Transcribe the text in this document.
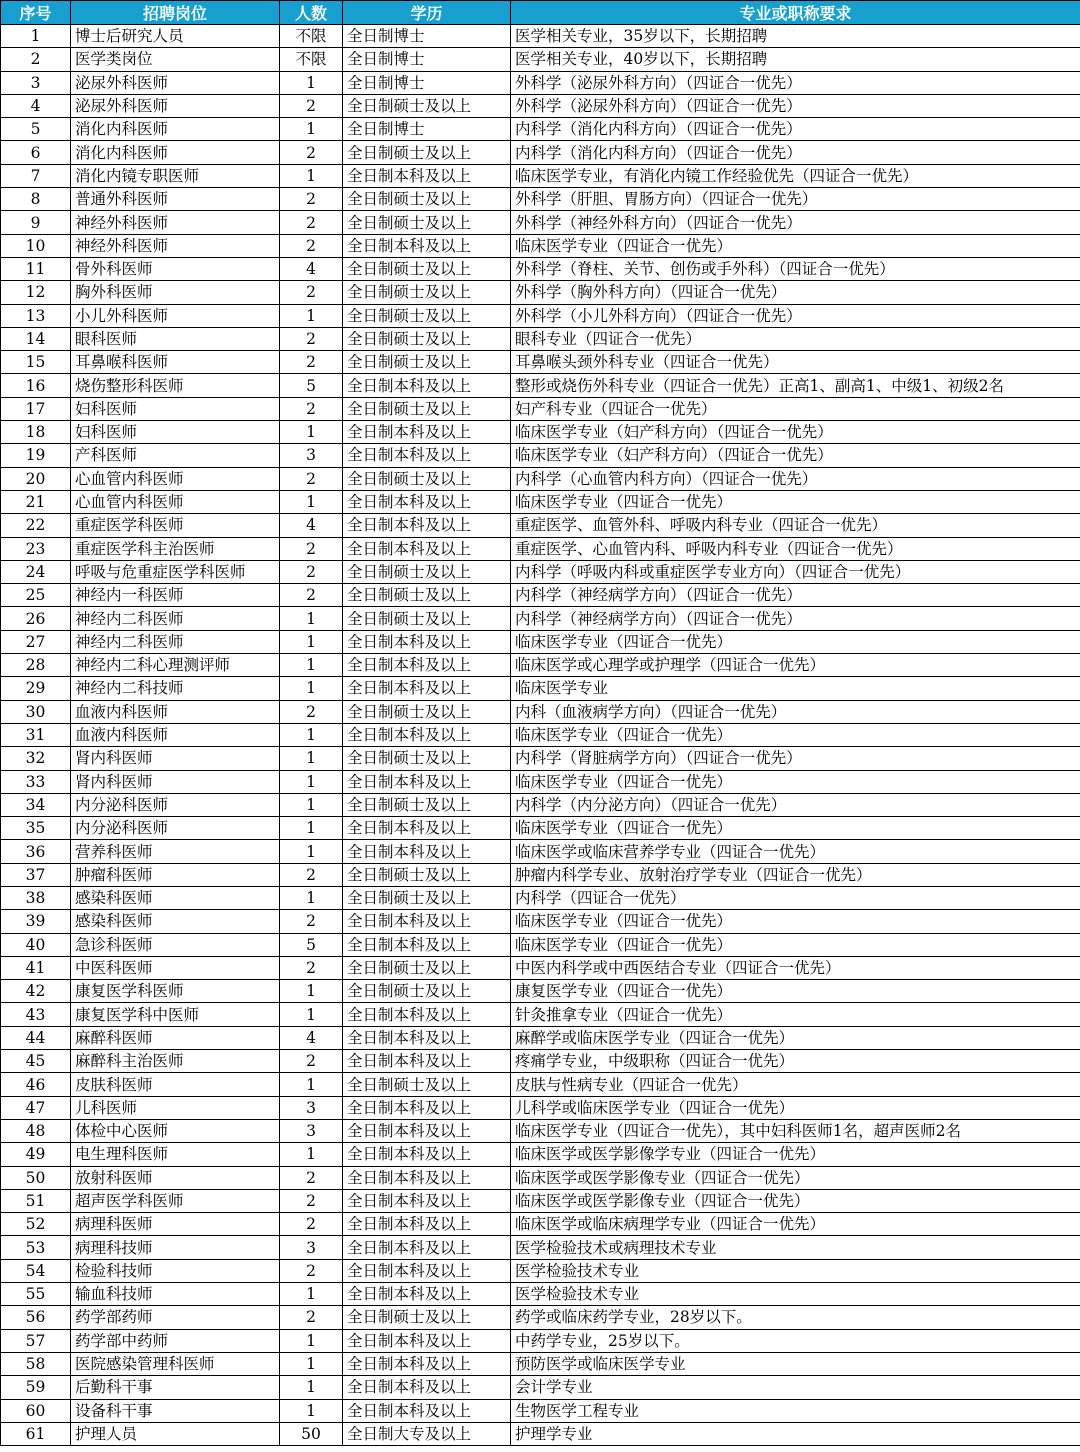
序号	招聘岗位	人数	学历	专业或职称要求
1	博士后研究人员	不限	全日制博士	医学相关专业，35岁以下，长期招聘
2	医学类岗位	不限	全日制博士	医学相关专业，40岁以下，长期招聘
3	泌尿外科医师	1	全日制博士	外科学（泌尿外科方向）（四证合一优先）
4	泌尿外科医师	2	全日制硕士及以上	外科学（泌尿外科方向）（四证合一优先）
5	消化内科医师	1	全日制博士	内科学（消化内科方向）（四证合一优先）
6	消化内科医师	2	全日制硕士及以上	内科学（消化内科方向）（四证合一优先）
7	消化内镜专职医师	1	全日制本科及以上	临床医学专业，有消化内镜工作经验优先（四证合一优先）
8	普通外科医师	2	全日制硕士及以上	外科学（肝胆、胃肠方向）（四证合一优先）
9	神经外科医师	2	全日制硕士及以上	外科学（神经外科方向）（四证合一优先）
10	神经外科医师	2	全日制本科及以上	临床医学专业（四证合一优先）
11	骨外科医师	4	全日制硕士及以上	外科学（脊柱、关节、创伤或手外科）（四证合一优先）
12	胸外科医师	2	全日制硕士及以上	外科学（胸外科方向）（四证合一优先）
13	小儿外科医师	1	全日制硕士及以上	外科学（小儿外科方向）（四证合一优先）
14	眼科医师	2	全日制硕士及以上	眼科专业（四证合一优先）
15	耳鼻喉科医师	2	全日制硕士及以上	耳鼻喉头颈外科专业（四证合一优先）
16	烧伤整形科医师	5	全日制本科及以上	整形或烧伤外科专业（四证合一优先）正高1、副高1、中级1、初级2名
17	妇科医师	2	全日制硕士及以上	妇产科专业（四证合一优先）
18	妇科医师	1	全日制本科及以上	临床医学专业（妇产科方向）（四证合一优先）
19	产科医师	3	全日制本科及以上	临床医学专业（妇产科方向）（四证合一优先）
20	心血管内科医师	2	全日制硕士及以上	内科学（心血管内科方向）（四证合一优先）
21	心血管内科医师	1	全日制本科及以上	临床医学专业（四证合一优先）
22	重症医学科医师	4	全日制本科及以上	重症医学、血管外科、呼吸内科专业（四证合一优先）
23	重症医学科主治医师	2	全日制本科及以上	重症医学、心血管内科、呼吸内科专业（四证合一优先）
24	呼吸与危重症医学科医师	2	全日制硕士及以上	内科学（呼吸内科或重症医学专业方向）（四证合一优先）
25	神经内一科医师	2	全日制硕士及以上	内科学（神经病学方向）（四证合一优先）
26	神经内二科医师	1	全日制硕士及以上	内科学（神经病学方向）（四证合一优先）
27	神经内二科医师	1	全日制本科及以上	临床医学专业（四证合一优先）
28	神经内二科心理测评师	1	全日制本科及以上	临床医学或心理学或护理学（四证合一优先）
29	神经内二科技师	1	全日制本科及以上	临床医学专业
30	血液内科医师	2	全日制硕士及以上	内科（血液病学方向）（四证合一优先）
31	血液内科医师	1	全日制本科及以上	临床医学专业（四证合一优先）
32	肾内科医师	1	全日制硕士及以上	内科学（肾脏病学方向）（四证合一优先）
33	肾内科医师	1	全日制本科及以上	临床医学专业（四证合一优先）
34	内分泌科医师	1	全日制硕士及以上	内科学（内分泌方向）（四证合一优先）
35	内分泌科医师	1	全日制本科及以上	临床医学专业（四证合一优先）
36	营养科医师	1	全日制本科及以上	临床医学或临床营养学专业（四证合一优先）
37	肿瘤科医师	2	全日制硕士及以上	肿瘤内科学专业、放射治疗学专业（四证合一优先）
38	感染科医师	1	全日制硕士及以上	内科学（四证合一优先）
39	感染科医师	2	全日制本科及以上	临床医学专业（四证合一优先）
40	急诊科医师	5	全日制本科及以上	临床医学专业（四证合一优先）
41	中医科医师	2	全日制硕士及以上	中医内科学或中西医结合专业（四证合一优先）
42	康复医学科医师	1	全日制硕士及以上	康复医学专业（四证合一优先）
43	康复医学科中医师	1	全日制本科及以上	针灸推拿专业（四证合一优先）
44	麻醉科医师	4	全日制本科及以上	麻醉学或临床医学专业（四证合一优先）
45	麻醉科主治医师	2	全日制本科及以上	疼痛学专业，中级职称（四证合一优先）
46	皮肤科医师	1	全日制硕士及以上	皮肤与性病专业（四证合一优先）
47	儿科医师	3	全日制本科及以上	儿科学或临床医学专业（四证合一优先）
48	体检中心医师	3	全日制本科及以上	临床医学专业（四证合一优先），其中妇科医师1名，超声医师2名
49	电生理科医师	1	全日制本科及以上	临床医学或医学影像学专业（四证合一优先）
50	放射科医师	2	全日制本科及以上	临床医学或医学影像专业（四证合一优先）
51	超声医学科医师	2	全日制本科及以上	临床医学或医学影像专业（四证合一优先）
52	病理科医师	2	全日制本科及以上	临床医学或临床病理学专业（四证合一优先）
53	病理科技师	3	全日制本科及以上	医学检验技术或病理技术专业
54	检验科技师	2	全日制本科及以上	医学检验技术专业
55	输血科技师	1	全日制本科及以上	医学检验技术专业
56	药学部药师	2	全日制硕士及以上	药学或临床药学专业，28岁以下。
57	药学部中药师	1	全日制本科及以上	中药学专业，25岁以下。
58	医院感染管理科医师	1	全日制本科及以上	预防医学或临床医学专业
59	后勤科干事	1	全日制本科及以上	会计学专业
60	设备科干事	1	全日制本科及以上	生物医学工程专业
61	护理人员	50	全日制大专及以上	护理学专业
